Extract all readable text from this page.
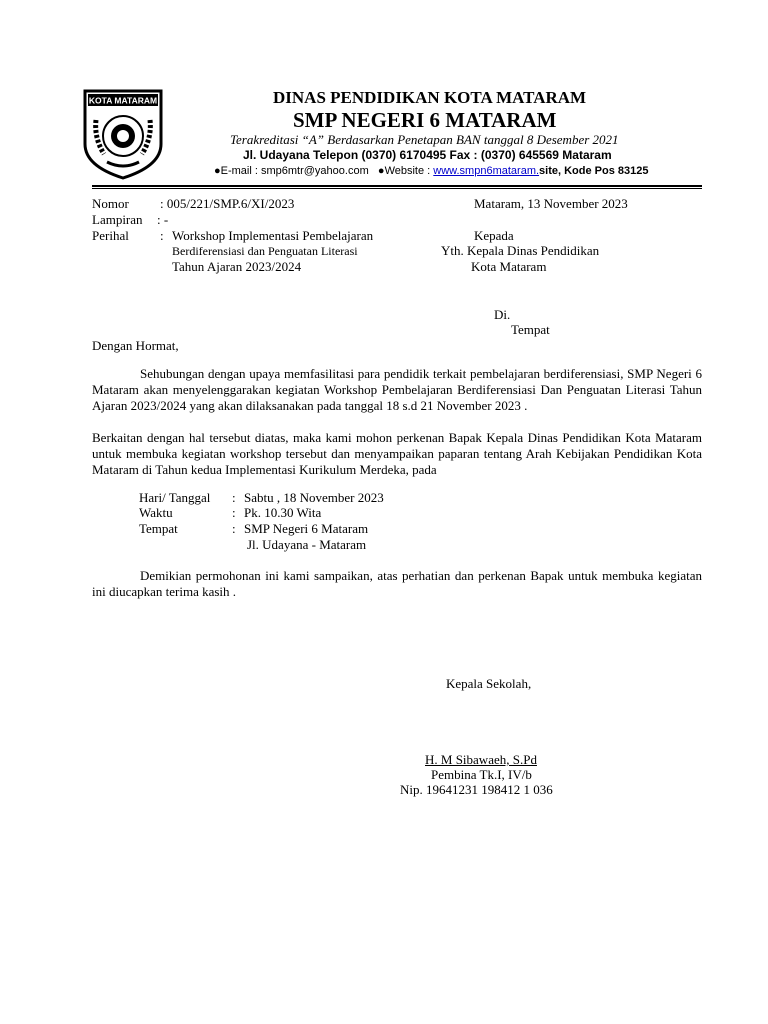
KOTA MATARAM	DINAS PENDIDIKAN KOTA MATARAM
SMP NEGERI 6 MATARAM
Terakreditasi “A” Berdasarkan Penetapan BAN tanggal 8 Desember 2021
Jl. Udayana Telepon (0370) 6170495 Fax : (0370) 645569 Mataram
●E-mail : smp6mtr@yahoo.com ●Website : www.smpn6mataram.site, Kode Pos 83125
Nomor : 005/221/SMP.6/XI/2023
Lampiran : -
Perihal : Workshop Implementasi Pembelajaran
Berdiferensiasi dan Penguatan Literasi
Tahun Ajaran 2023/2024
Mataram, 13 November 2023
Kepada
Yth. Kepala Dinas Pendidikan
Kota Mataram
Di.
Tempat
Dengan Hormat,
Sehubungan dengan upaya memfasilitasi para pendidik terkait pembelajaran berdiferensiasi, SMP Negeri 6 Mataram akan menyelenggarakan kegiatan Workshop Pembelajaran Berdiferensiasi Dan Penguatan Literasi Tahun Ajaran 2023/2024 yang akan dilaksanakan pada tanggal 18 s.d 21 November 2023 .
Berkaitan dengan hal tersebut diatas, maka kami mohon perkenan Bapak Kepala Dinas Pendidikan Kota Mataram untuk membuka kegiatan workshop tersebut dan menyampaikan paparan tentang Arah Kebijakan Pendidikan Kota Mataram di Tahun kedua Implementasi Kurikulum Merdeka, pada
Hari/ Tanggal : Sabtu , 18 November 2023
Waktu	: Pk. 10.30 Wita
Tempat	: SMP Negeri 6 Mataram
Jl. Udayana - Mataram
Demikian permohonan ini kami sampaikan, atas perhatian dan perkenan Bapak untuk membuka kegiatan ini diucapkan terima kasih .
Kepala Sekolah,
H. M Sibawaeh, S.Pd
Pembina Tk.I, IV/b
Nip. 19641231 198412 1 036
